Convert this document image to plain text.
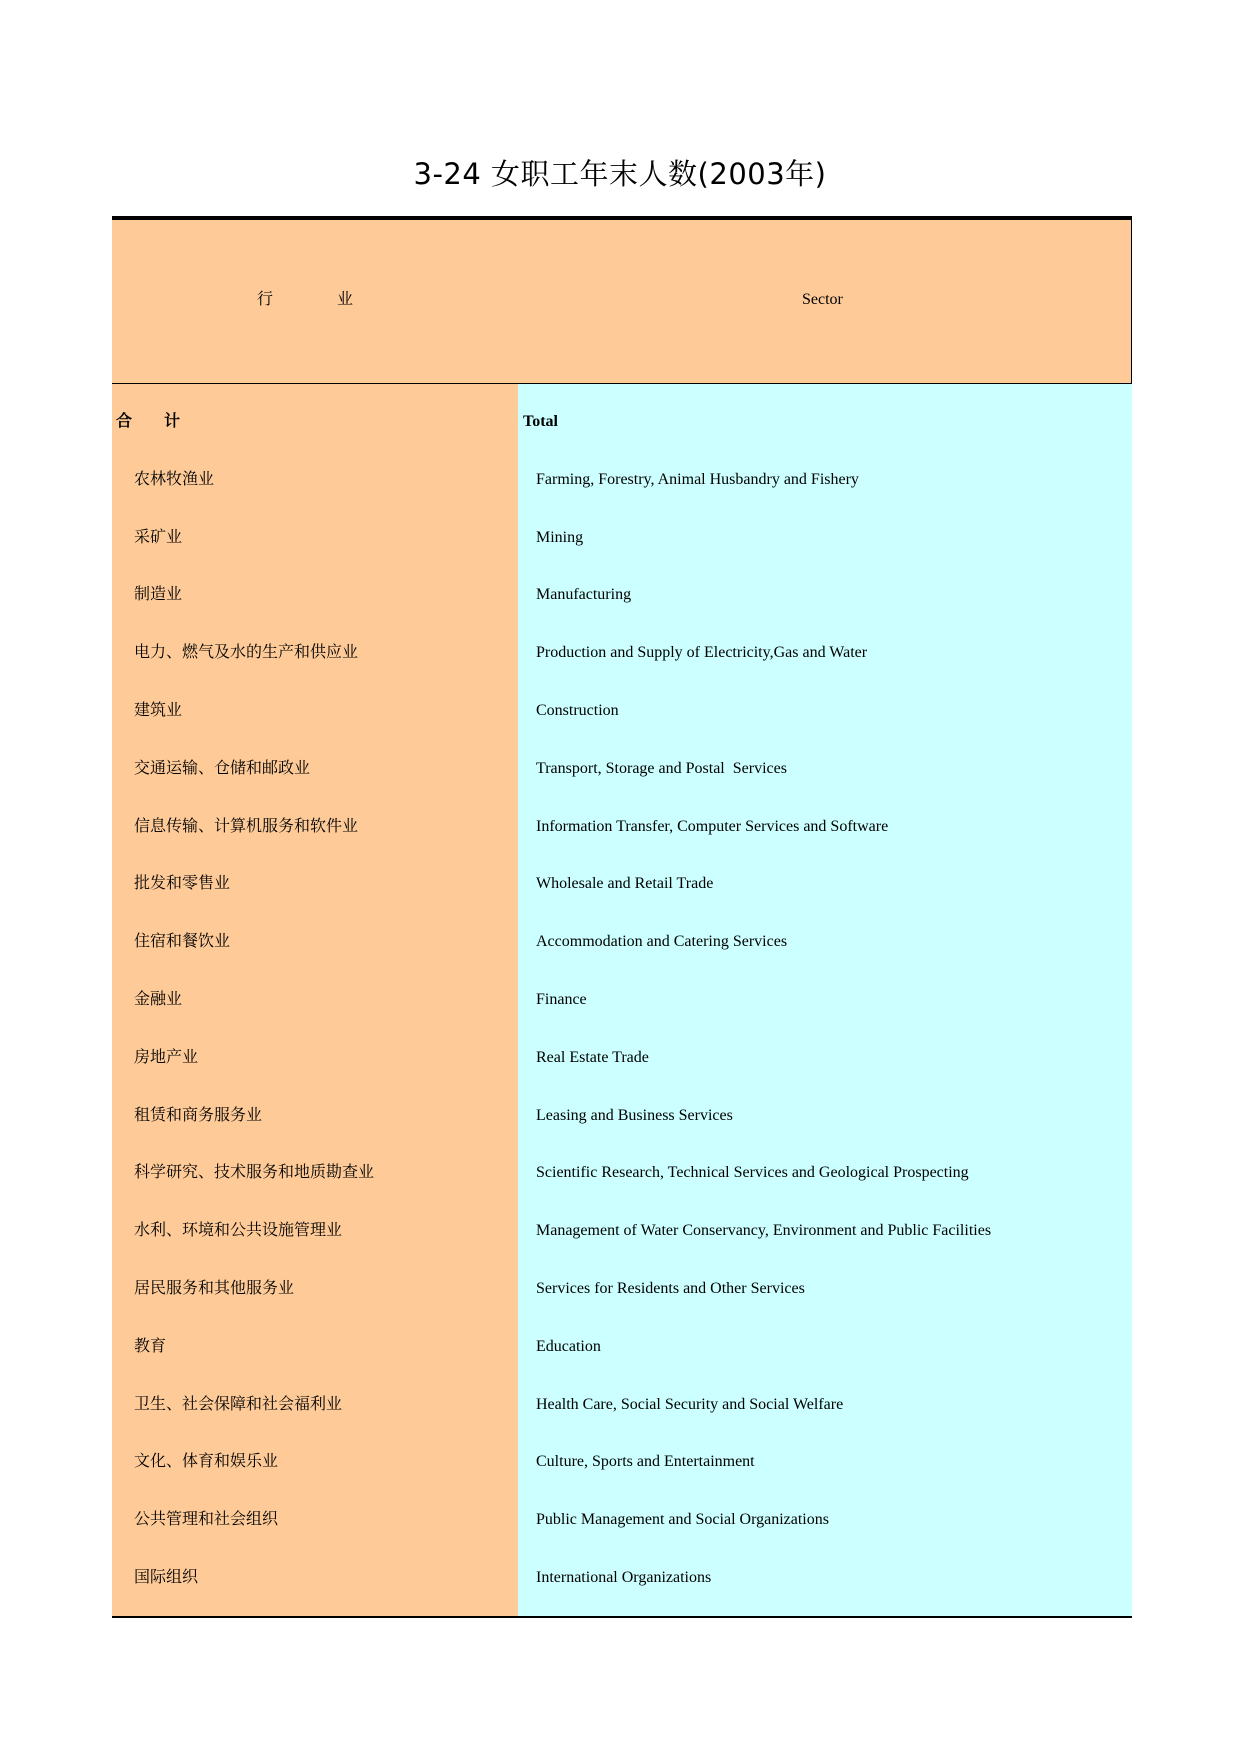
3-24 女职工年末人数(2003年)
行　　　　业	Sector
合　　计	Total
农林牧渔业	Farming, Forestry, Animal Husbandry and Fishery
采矿业	Mining
制造业	Manufacturing
电力、燃气及水的生产和供应业	Production and Supply of Electricity,Gas and Water
建筑业	Construction
交通运输、仓储和邮政业	Transport, Storage and Postal  Services
信息传输、计算机服务和软件业	Information Transfer, Computer Services and Software
批发和零售业	Wholesale and Retail Trade
住宿和餐饮业	Accommodation and Catering Services
金融业	Finance
房地产业	Real Estate Trade
租赁和商务服务业	Leasing and Business Services
科学研究、技术服务和地质勘查业	Scientific Research, Technical Services and Geological Prospecting
水利、环境和公共设施管理业	Management of Water Conservancy, Environment and Public Facilities
居民服务和其他服务业	Services for Residents and Other Services
教育	Education
卫生、社会保障和社会福利业	Health Care, Social Security and Social Welfare
文化、体育和娱乐业	Culture, Sports and Entertainment
公共管理和社会组织	Public Management and Social Organizations
国际组织	International Organizations
